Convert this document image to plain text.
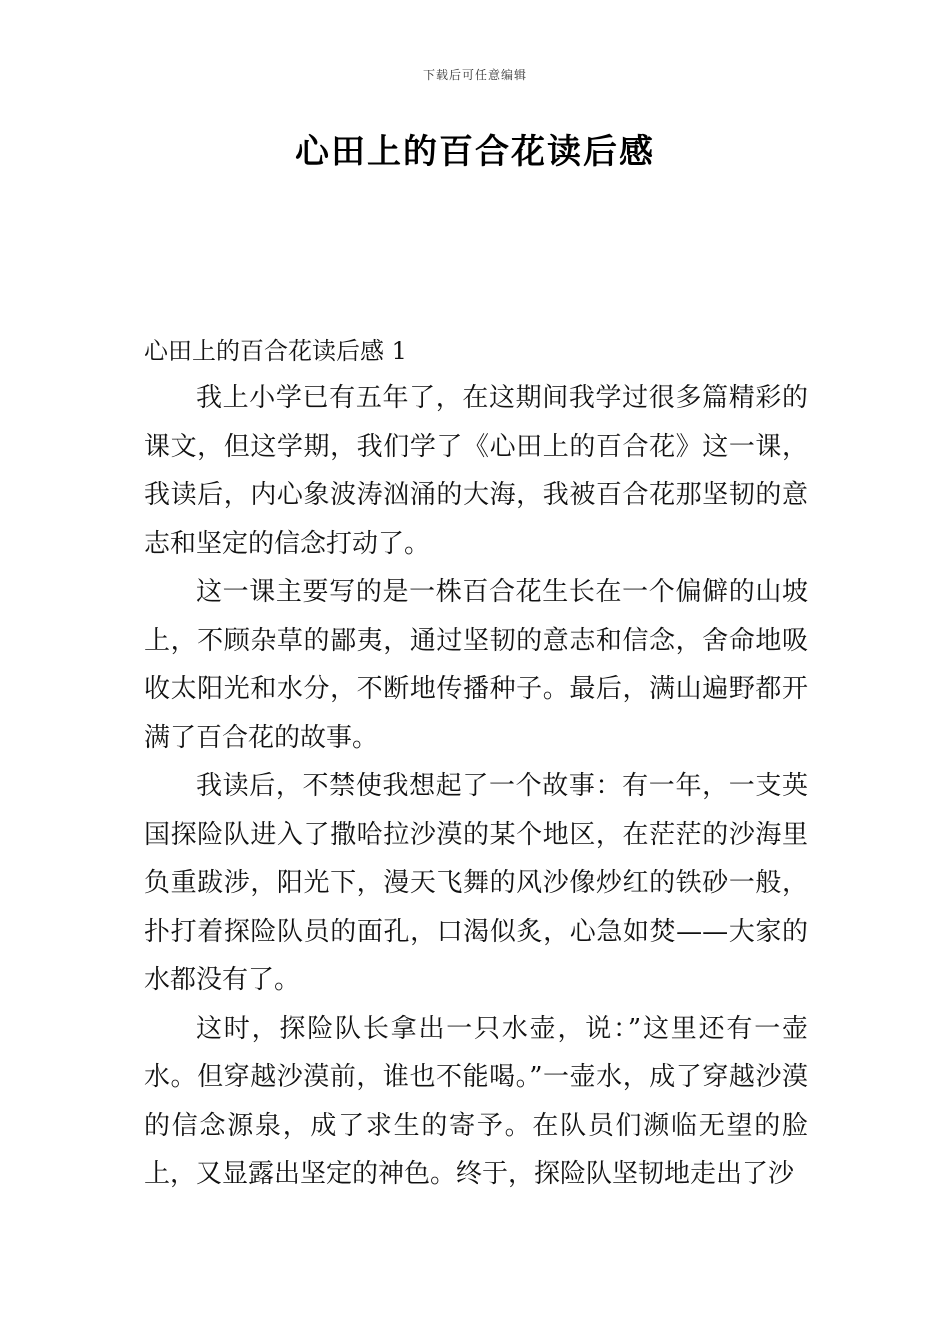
下载后可任意编辑
心田上的百合花读后感

心田上的百合花读后感 1

我上小学已有五年了，在这期间我学过很多篇精彩的课文，但这学期，我们学了《心田上的百合花》这一课，我读后，内心象波涛汹涌的大海，我被百合花那坚韧的意志和坚定的信念打动了。

这一课主要写的是一株百合花生长在一个偏僻的山坡上，不顾杂草的鄙夷，通过坚韧的意志和信念，舍命地吸收太阳光和水分，不断地传播种子。最后，满山遍野都开满了百合花的故事。

我读后，不禁使我想起了一个故事：有一年，一支英国探险队进入了撒哈拉沙漠的某个地区，在茫茫的沙海里负重跋涉，阳光下，漫天飞舞的风沙像炒红的铁砂一般，扑打着探险队员的面孔，口渴似炙，心急如焚——大家的水都没有了。

这时，探险队长拿出一只水壶，说：”这里还有一壶水。但穿越沙漠前，谁也不能喝。”一壶水，成了穿越沙漠的信念源泉，成了求生的寄予。在队员们濒临无望的脸上，又显露出坚定的神色。终于，探险队坚韧地走出了沙
